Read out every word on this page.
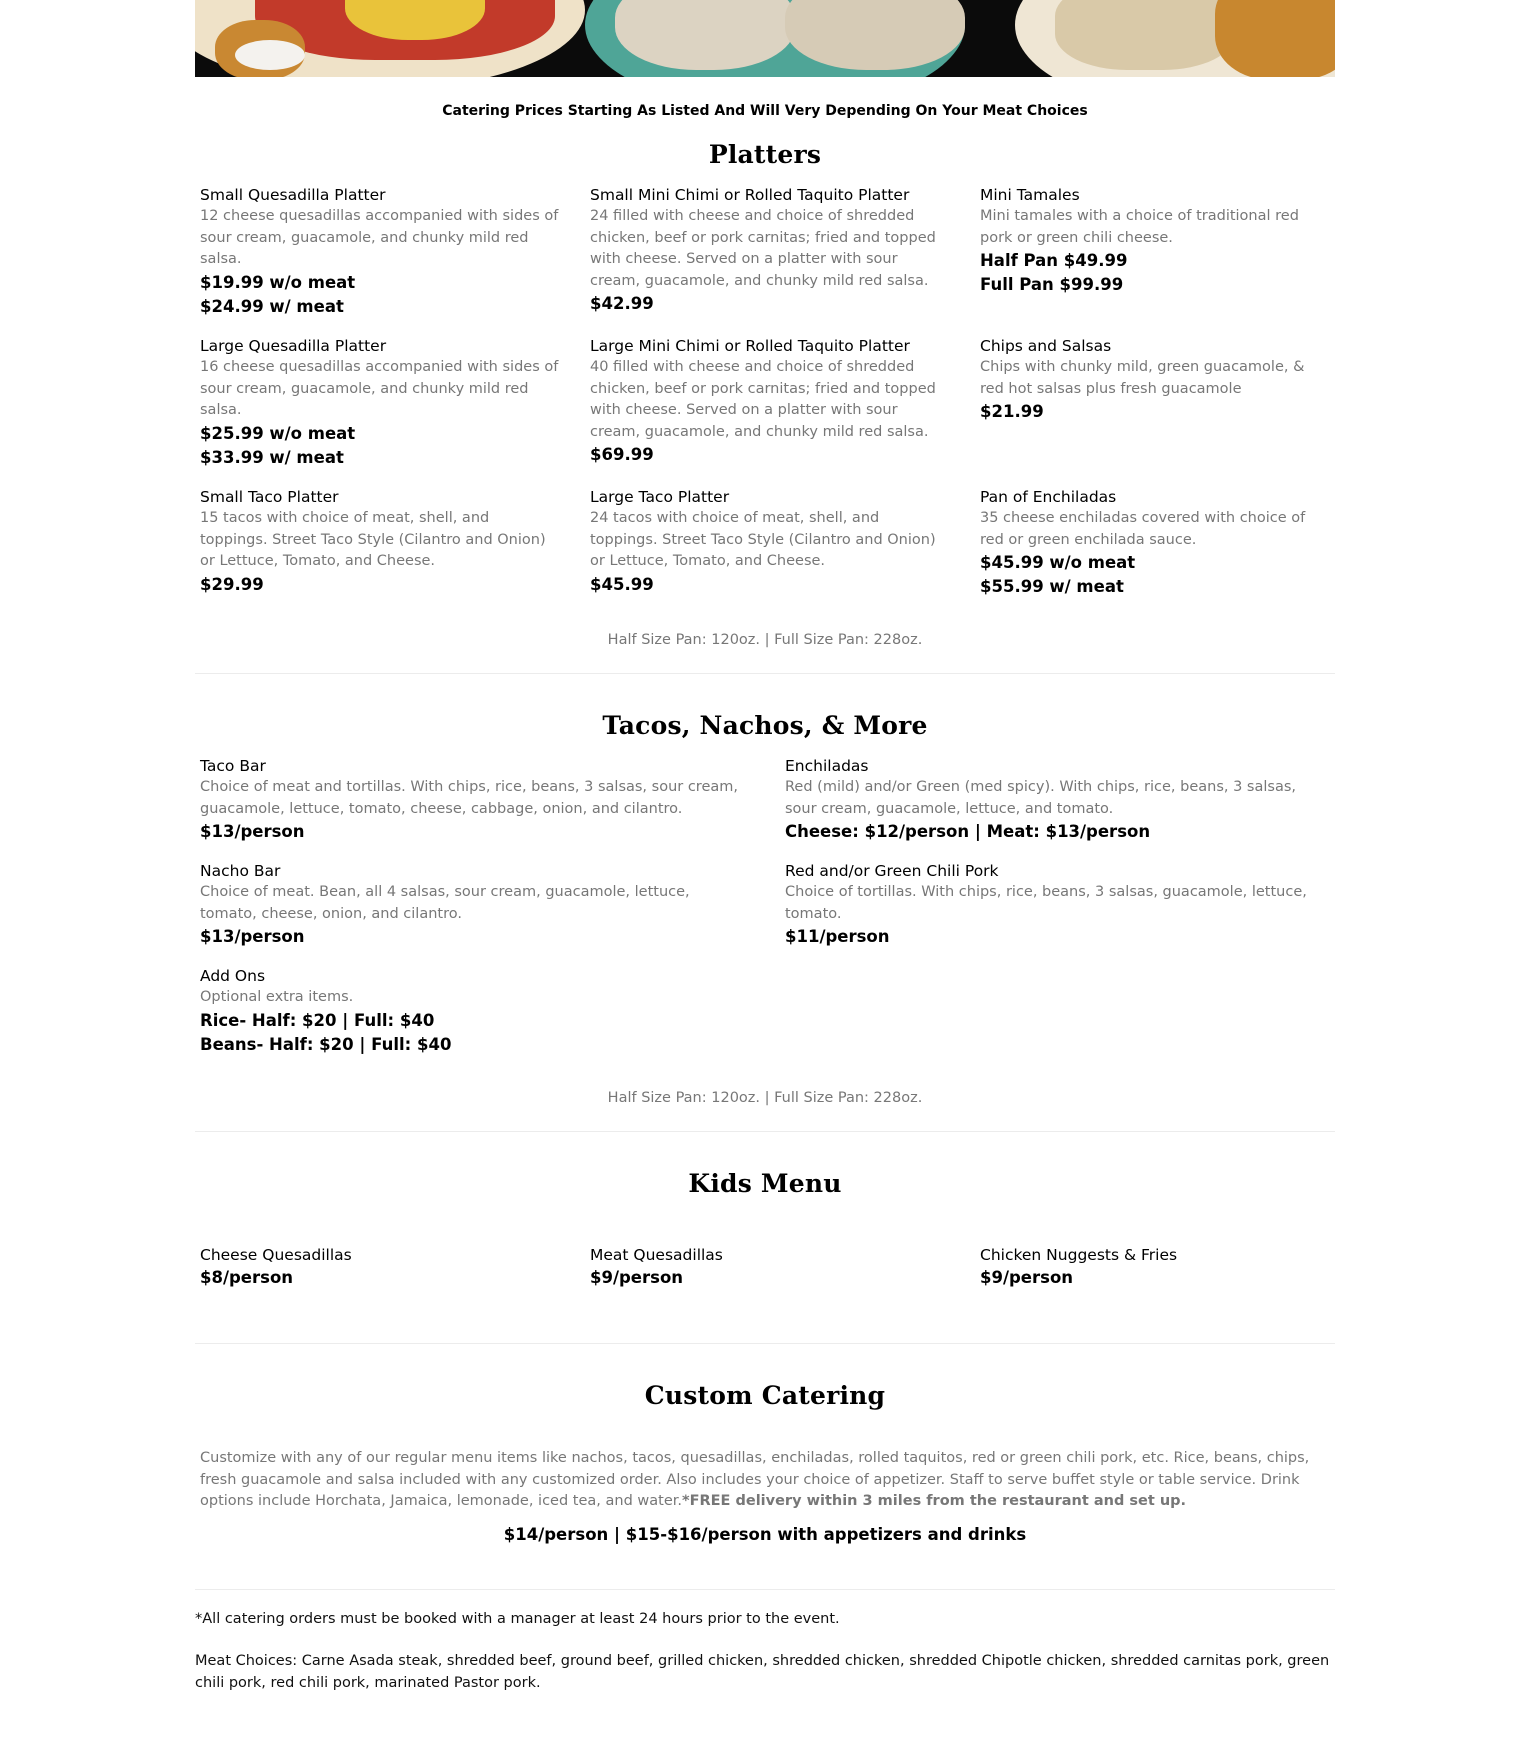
Catering Prices Starting As Listed And Will Very Depending On Your Meat Choices
Platters
Small Quesadilla Platter
12 cheese quesadillas accompanied with sides of sour cream, guacamole, and chunky mild red salsa.
$19.99 w/o meat
$24.99 w/ meat
Small Mini Chimi or Rolled Taquito Platter
24 filled with cheese and choice of shredded chicken, beef or pork carnitas; fried and topped with cheese. Served on a platter with sour cream, guacamole, and chunky mild red salsa.
$42.99
Mini Tamales
Mini tamales with a choice of traditional red pork or green chili cheese.
Half Pan $49.99
Full Pan $99.99
Large Quesadilla Platter
16 cheese quesadillas accompanied with sides of sour cream, guacamole, and chunky mild red salsa.
$25.99 w/o meat
$33.99 w/ meat
Large Mini Chimi or Rolled Taquito Platter
40 filled with cheese and choice of shredded chicken, beef or pork carnitas; fried and topped with cheese. Served on a platter with sour cream, guacamole, and chunky mild red salsa.
$69.99
Chips and Salsas
Chips with chunky mild, green guacamole, & red hot salsas plus fresh guacamole
$21.99
Small Taco Platter
15 tacos with choice of meat, shell, and toppings. Street Taco Style (Cilantro and Onion) or Lettuce, Tomato, and Cheese.
$29.99
Large Taco Platter
24 tacos with choice of meat, shell, and toppings. Street Taco Style (Cilantro and Onion) or Lettuce, Tomato, and Cheese.
$45.99
Pan of Enchiladas
35 cheese enchiladas covered with choice of red or green enchilada sauce.
$45.99 w/o meat
$55.99 w/ meat
Half Size Pan: 120oz. | Full Size Pan: 228oz.
Tacos, Nachos, & More
Taco Bar
Choice of meat and tortillas. With chips, rice, beans, 3 salsas, sour cream, guacamole, lettuce, tomato, cheese, cabbage, onion, and cilantro.
$13/person
Enchiladas
Red (mild) and/or Green (med spicy). With chips, rice, beans, 3 salsas, sour cream, guacamole, lettuce, and tomato.
Cheese: $12/person | Meat: $13/person
Nacho Bar
Choice of meat. Bean, all 4 salsas, sour cream, guacamole, lettuce, tomato, cheese, onion, and cilantro.
$13/person
Red and/or Green Chili Pork
Choice of tortillas. With chips, rice, beans, 3 salsas, guacamole, lettuce, tomato.
$11/person
Add Ons
Optional extra items.
Rice- Half: $20 | Full: $40
Beans- Half: $20 | Full: $40
Half Size Pan: 120oz. | Full Size Pan: 228oz.
Kids Menu
Cheese Quesadillas
$8/person
Meat Quesadillas
$9/person
Chicken Nuggests & Fries
$9/person
Custom Catering
Customize with any of our regular menu items like nachos, tacos, quesadillas, enchiladas, rolled taquitos, red or green chili pork, etc. Rice, beans, chips, fresh guacamole and salsa included with any customized order. Also includes your choice of appetizer. Staff to serve buffet style or table service. Drink options include Horchata, Jamaica, lemonade, iced tea, and water.*FREE delivery within 3 miles from the restaurant and set up.
$14/person | $15-$16/person with appetizers and drinks
*All catering orders must be booked with a manager at least 24 hours prior to the event.
Meat Choices: Carne Asada steak, shredded beef, ground beef, grilled chicken, shredded chicken, shredded Chipotle chicken, shredded carnitas pork, green chili pork, red chili pork, marinated Pastor pork.
